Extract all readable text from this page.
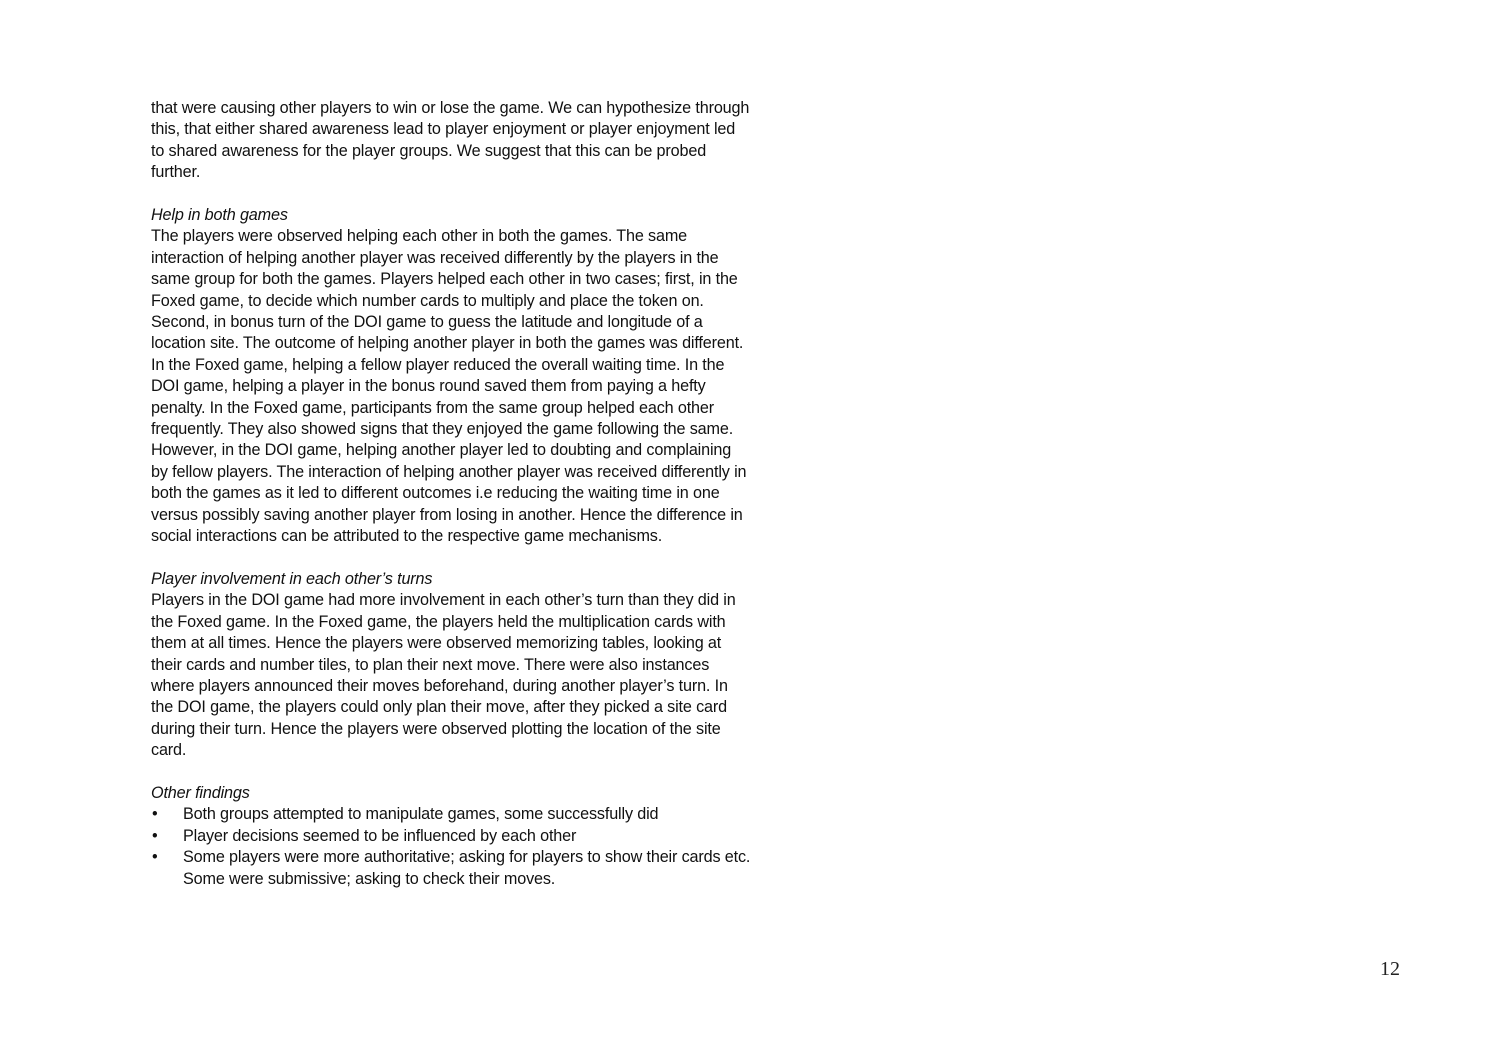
that were causing other players to win or lose the game. We can hypothesize through this, that either shared awareness lead to player enjoyment or player enjoyment led to shared awareness for the player groups. We suggest that this can be probed further.

Help in both games

The players were observed helping each other in both the games. The same interaction of helping another player was received differently by the players in the same group for both the games. Players helped each other in two cases; first, in the Foxed game, to decide which number cards to multiply and place the token on. Second, in bonus turn of the DOI game to guess the latitude and longitude of a location site. The outcome of helping another player in both the games was different. In the Foxed game, helping a fellow player reduced the overall waiting time. In the DOI game, helping a player in the bonus round saved them from paying a hefty penalty. In the Foxed game, participants from the same group helped each other frequently. They also showed signs that they enjoyed the game following the same. However, in the DOI game, helping another player led to doubting and complaining by fellow players. The interaction of helping another player was received differently in both the games as it led to different outcomes i.e reducing the waiting time in one versus possibly saving another player from losing in another. Hence the difference in social interactions can be attributed to the respective game mechanisms.

Player involvement in each other’s turns

Players in the DOI game had more involvement in each other’s turn than they did in the Foxed game. In the Foxed game, the players held the multiplication cards with them at all times. Hence the players were observed memorizing tables, looking at their cards and number tiles, to plan their next move. There were also instances where players announced their moves beforehand, during another player’s turn. In the DOI game, the players could only plan their move, after they picked a site card during their turn. Hence the players were observed plotting the location of the site card.

Other findings

• Both groups attempted to manipulate games, some successfully did
• Player decisions seemed to be influenced by each other
• Some players were more authoritative; asking for players to show their cards etc. Some were submissive; asking to check their moves.
12
